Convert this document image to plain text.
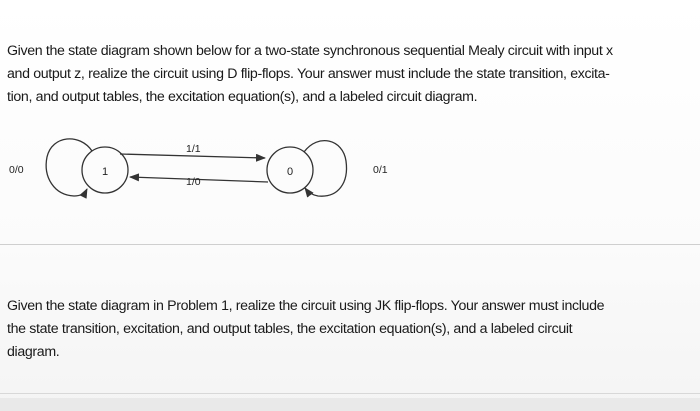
Given the state diagram shown below for a two-state synchronous sequential Mealy circuit with input x
and output z, realize the circuit using D flip-flops. Your answer must include the state transition, excita-
tion, and output tables, the excitation equation(s), and a labeled circuit diagram.

1
0/0	0	0/1
1/1
1/0

Given the state diagram in Problem 1, realize the circuit using JK flip-flops. Your answer must include
the state transition, excitation, and output tables, the excitation equation(s), and a labeled circuit
diagram.
